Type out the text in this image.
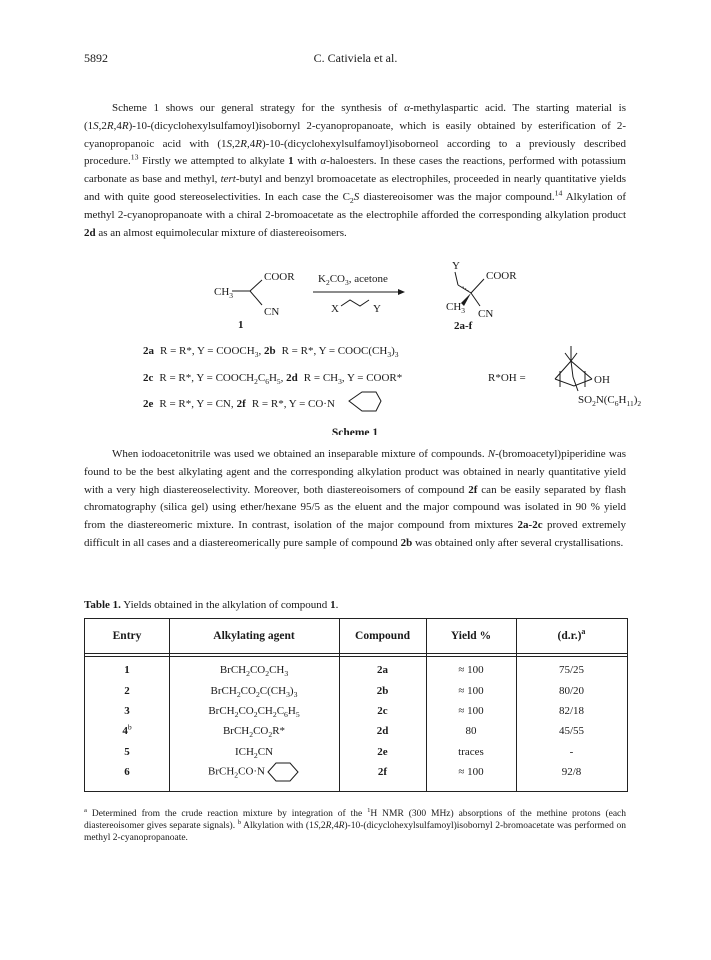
5892	C. Cativiela et al.

Scheme 1 shows our general strategy for the synthesis of α-methylaspartic acid. The starting material is (1S,2R,4R)-10-(dicyclohexylsulfamoyl)isobornyl 2-cyanopropanoate, which is easily obtained by esterification of 2-cyanopropanoic acid with (1S,2R,4R)-10-(dicyclohexylsulfamoyl)isoborneol according to a previously described procedure.$^{13}$ Firstly we attempted to alkylate 1 with α-haloesters. In these cases the reactions, performed with potassium carbonate as base and methyl, tert-butyl and benzyl bromoacetate as electrophiles, proceeded in nearly quantitative yields and with quite good stereoselectivities. In each case the $C_2S$ diastereoisomer was the major compound.$^{14}$ Alkylation of methyl 2-cyanopropanoate with a chiral 2-bromoacetate as the electrophile afforded the corresponding alkylation product 2d as an almost equimolecular mixture of diastereoisomers.

COOR
$CH_3$
CN
1
$K_2CO_3$, acetone
X	Y
Y
COOR
$CH_3$ CN
2a-f
2a R = R*, $Y = COOCH_3$, 2b R = R*, $Y = COOC(CH_3)_3$
2c R = R*, $Y = COOCH_2C_6H_5$, 2d $R = CH_3$, Y = COOR*
2e R = R*, Y = CN, 2f R = R*, Y = CO·N
R*OH =	OH
$SO_2N(C_6H_{11})_2$
Scheme 1

When iodoacetonitrile was used we obtained an inseparable mixture of compounds. N-(bromoacetyl)piperidine was found to be the best alkylating agent and the corresponding alkylation product was obtained in nearly quantitative yield with a very high diastereoselectivity. Moreover, both diastereoisomers of compound 2f can be easily separated by flash chromatography (silica gel) using ether/hexane 95/5 as the eluent and the major compound was isolated in 90 % yield from the diastereomeric mixture. In contrast, isolation of the major compound from mixtures 2a-2c proved extremely difficult in all cases and a diastereomerically pure sample of compound 2b was obtained only after several crystallisations.

Table 1. Yields obtained in the alkylation of compound 1.
Entry	Alkylating agent	Compound	Yield %	$(d.r.)^a$
1	$BrCH_2CO_2CH_3$	2a	≈ 100	75/25
2	$BrCH_2CO_2C(CH_3)_3$	2b	≈ 100	80/20
3	$BrCH_2CO_2CH_2C_6H_5$	2c	≈ 100	82/18
4$^b$	$BrCH_2CO_2R*$	2d	80	45/55
5	$ICH_2CN$	2e	traces	-
6	BrCH$_2$CO·N	2f	≈ 100	92/8

$^a$ Determined from the crude reaction mixture by integration of the $^1$H NMR (300 MHz) absorptions of the methine protons (each diastereoisomer gives separate signals). $^b$ Alkylation with (1S,2R,4R)-10-(dicyclohexylsulfamoyl)isobornyl 2-bromoacetate was performed on methyl 2-cyanopropanoate.
